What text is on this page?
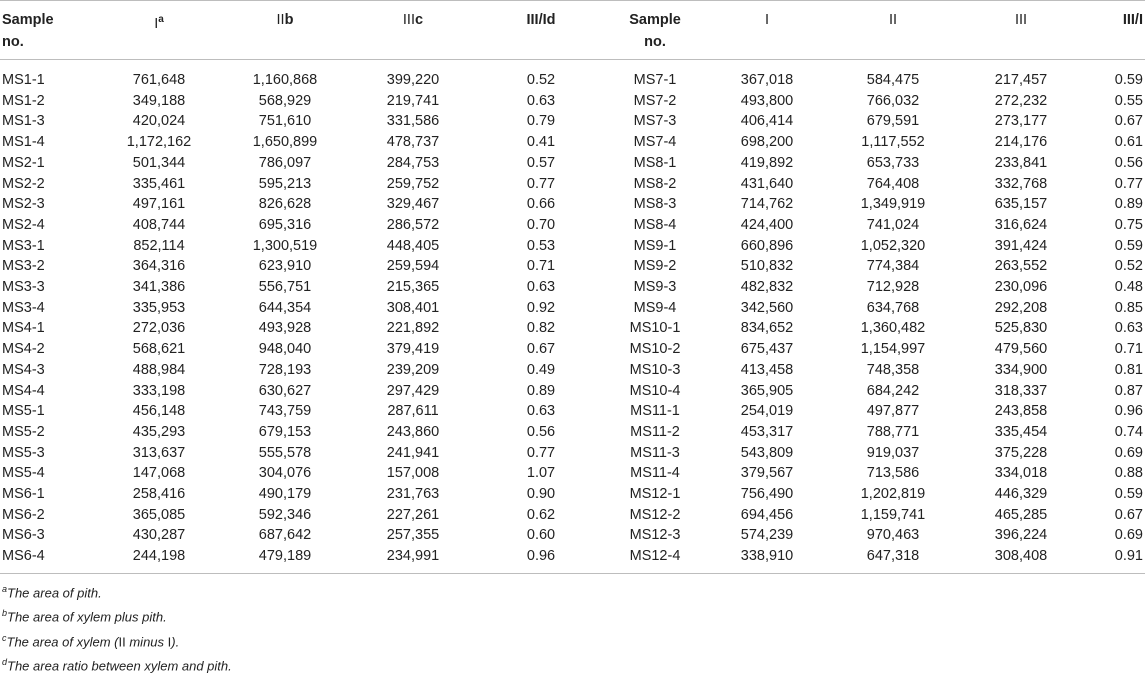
Sample
no.	$I^a$	IIb	IIIc	III/Id	Sample
no.	I	II	III	III/I
MS1-1	761,648	1,160,868	399,220	0.52	MS7-1	367,018	584,475	217,457	0.59
MS1-2	349,188	568,929	219,741	0.63	MS7-2	493,800	766,032	272,232	0.55
MS1-3	420,024	751,610	331,586	0.79	MS7-3	406,414	679,591	273,177	0.67
MS1-4	1,172,162	1,650,899	478,737	0.41	MS7-4	698,200	1,117,552	214,176	0.61
MS2-1	501,344	786,097	284,753	0.57	MS8-1	419,892	653,733	233,841	0.56
MS2-2	335,461	595,213	259,752	0.77	MS8-2	431,640	764,408	332,768	0.77
MS2-3	497,161	826,628	329,467	0.66	MS8-3	714,762	1,349,919	635,157	0.89
MS2-4	408,744	695,316	286,572	0.70	MS8-4	424,400	741,024	316,624	0.75
MS3-1	852,114	1,300,519	448,405	0.53	MS9-1	660,896	1,052,320	391,424	0.59
MS3-2	364,316	623,910	259,594	0.71	MS9-2	510,832	774,384	263,552	0.52
MS3-3	341,386	556,751	215,365	0.63	MS9-3	482,832	712,928	230,096	0.48
MS3-4	335,953	644,354	308,401	0.92	MS9-4	342,560	634,768	292,208	0.85
MS4-1	272,036	493,928	221,892	0.82	MS10-1	834,652	1,360,482	525,830	0.63
MS4-2	568,621	948,040	379,419	0.67	MS10-2	675,437	1,154,997	479,560	0.71
MS4-3	488,984	728,193	239,209	0.49	MS10-3	413,458	748,358	334,900	0.81
MS4-4	333,198	630,627	297,429	0.89	MS10-4	365,905	684,242	318,337	0.87
MS5-1	456,148	743,759	287,611	0.63	MS11-1	254,019	497,877	243,858	0.96
MS5-2	435,293	679,153	243,860	0.56	MS11-2	453,317	788,771	335,454	0.74
MS5-3	313,637	555,578	241,941	0.77	MS11-3	543,809	919,037	375,228	0.69
MS5-4	147,068	304,076	157,008	1.07	MS11-4	379,567	713,586	334,018	0.88
MS6-1	258,416	490,179	231,763	0.90	MS12-1	756,490	1,202,819	446,329	0.59
MS6-2	365,085	592,346	227,261	0.62	MS12-2	694,456	1,159,741	465,285	0.67
MS6-3	430,287	687,642	257,355	0.60	MS12-3	574,239	970,463	396,224	0.69
MS6-4	244,198	479,189	234,991	0.96	MS12-4	338,910	647,318	308,408	0.91
$^a$The area of pith.
$^b$The area of xylem plus pith.
$^c$The area of xylem (II minus I).
$^d$The area ratio between xylem and pith.
